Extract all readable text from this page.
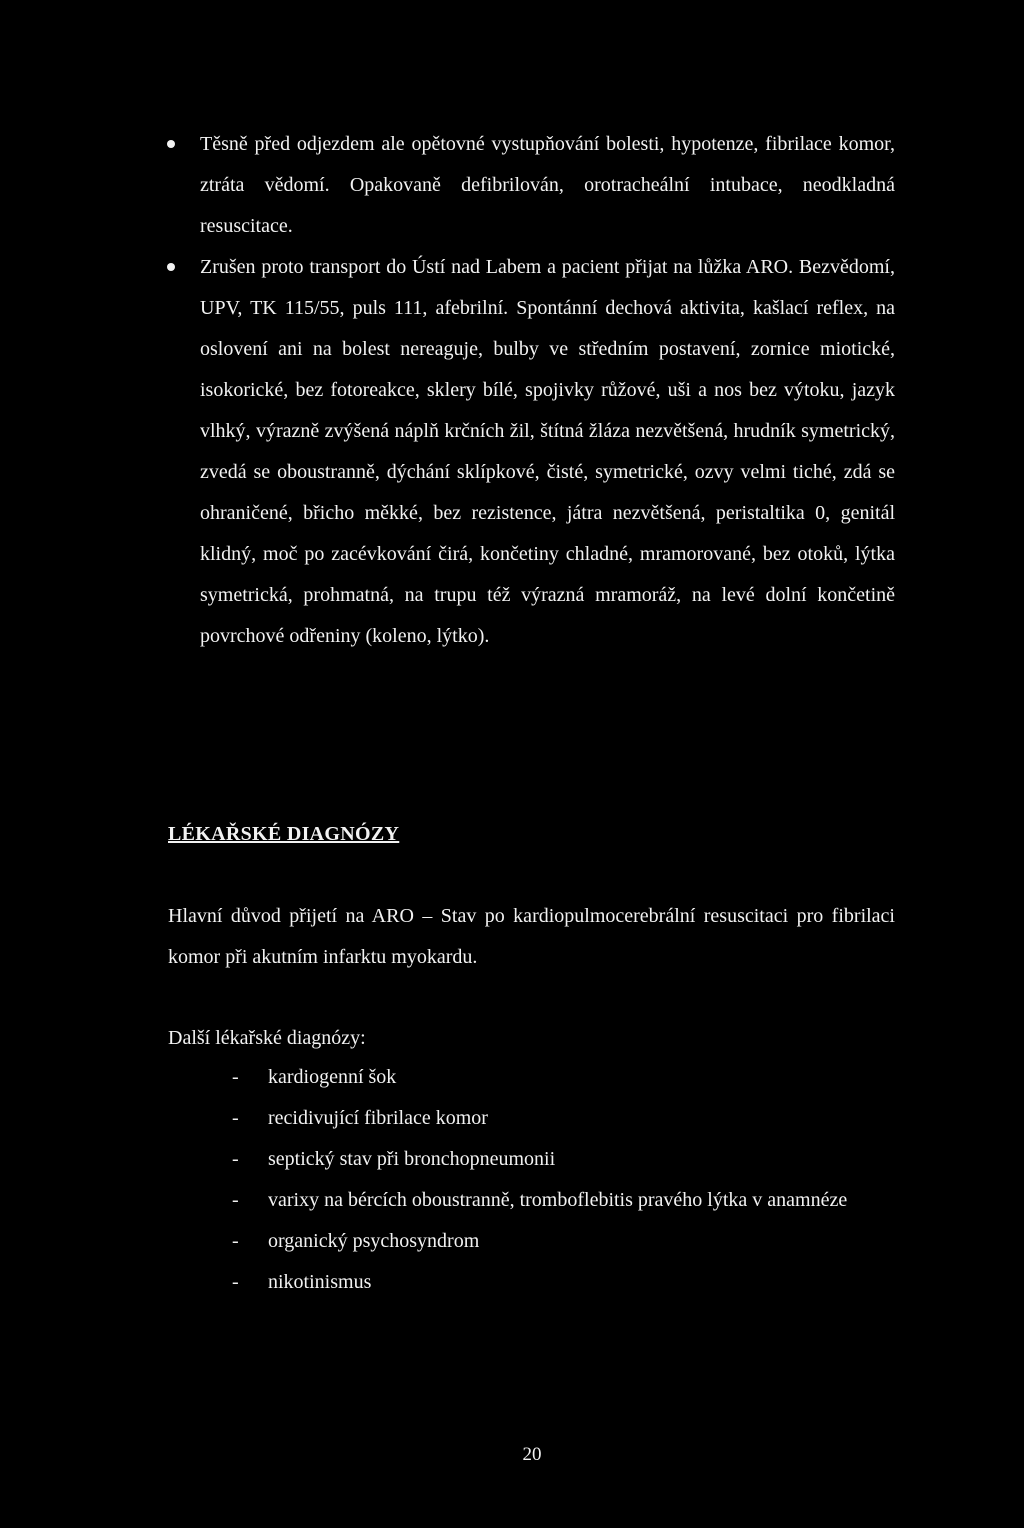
Těsně před odjezdem ale opětovné vystupňování bolesti, hypotenze, fibrilace komor, ztráta vědomí. Opakovaně defibrilován, orotracheální intubace, neodkladná resuscitace.
Zrušen proto transport do Ústí nad Labem a pacient přijat na lůžka ARO. Bezvědomí, UPV, TK 115/55, puls 111, afebrilní. Spontánní dechová aktivita, kašlací reflex, na oslovení ani na bolest nereaguje, bulby ve středním postavení, zornice miotické, isokorické, bez fotoreakce, sklery bílé, spojivky růžové, uši a nos bez výtoku, jazyk vlhký, výrazně zvýšená náplň krčních žil, štítná žláza nezvětšená, hrudník symetrický, zvedá se oboustranně, dýchání sklípkové, čisté, symetrické, ozvy velmi tiché, zdá se ohraničené, břicho měkké, bez rezistence, játra nezvětšená, peristaltika 0, genitál klidný, moč po zacévkování čirá, končetiny chladné, mramorované, bez otoků, lýtka symetrická, prohmatná, na trupu též výrazná mramoráž, na levé dolní končetině povrchové odřeniny (koleno, lýtko).
LÉKAŘSKÉ DIAGNÓZY

Hlavní důvod přijetí na ARO – Stav po kardiopulmocerebrální resuscitaci pro fibrilaci komor při akutním infarktu myokardu.

Další lékařské diagnózy:

- kardiogenní šok
- recidivující fibrilace komor
- septický stav při bronchopneumonii
- varixy na bércích oboustranně, tromboflebitis pravého lýtka v anamnéze
- organický psychosyndrom
- nikotinismus
20
